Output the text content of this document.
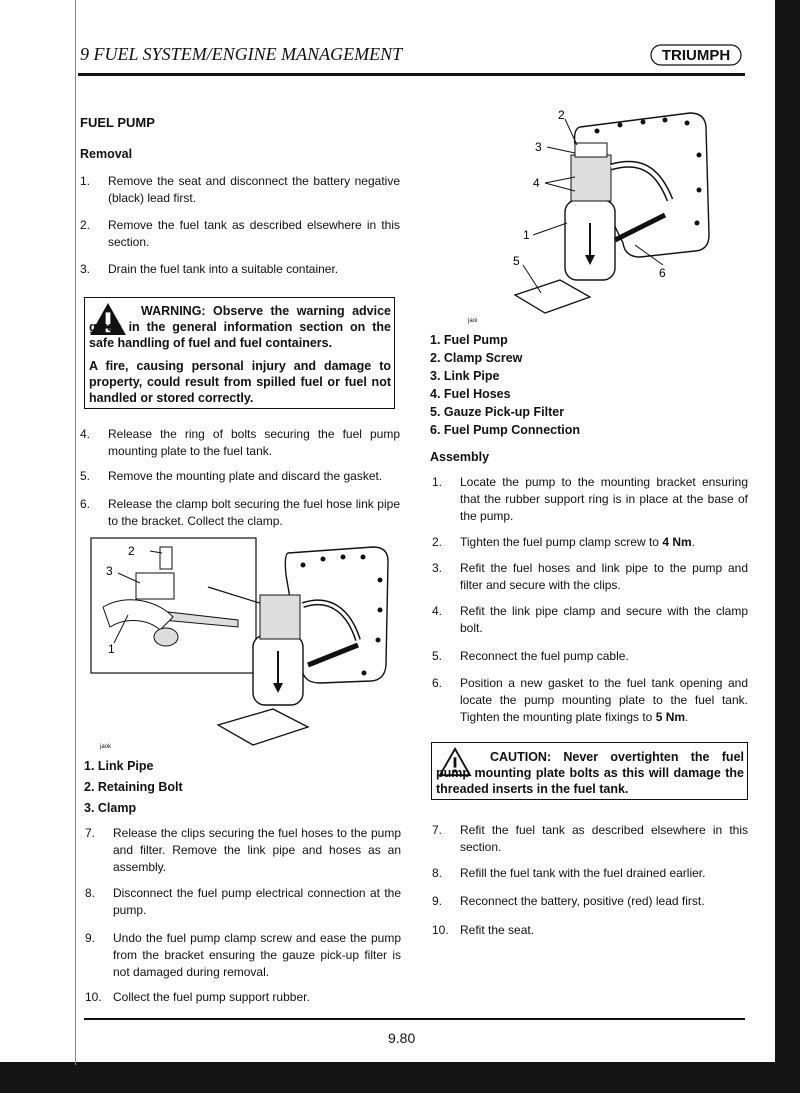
9 FUEL SYSTEM/ENGINE MANAGEMENT	TRIUMPH
FUEL PUMP
Removal
1. Remove the seat and disconnect the battery negative (black) lead first.
2. Remove the fuel tank as described elsewhere in this section.
3. Drain the fuel tank into a suitable container.
WARNING: Observe the warning advice given in the general information section on the safe handling of fuel and fuel containers.
A fire, causing personal injury and damage to property, could result from spilled fuel or fuel not handled or stored correctly.
4. Release the ring of bolts securing the fuel pump mounting plate to the fuel tank.
5. Remove the mounting plate and discard the gasket.
6. Release the clamp bolt securing the fuel hose link pipe to the bracket. Collect the clamp.
2
3
1
jaok
1. Link Pipe
2. Retaining Bolt
3. Clamp
7. Release the clips securing the fuel hoses to the pump and filter. Remove the link pipe and hoses as an assembly.
8. Disconnect the fuel pump electrical connection at the pump.
9. Undo the fuel pump clamp screw and ease the pump from the bracket ensuring the gauze pick-up filter is not damaged during removal.
10. Collect the fuel pump support rubber.
2
3
4
1
5
6
jaoi
1. Fuel Pump
2. Clamp Screw
3. Link Pipe
4. Fuel Hoses
5. Gauze Pick-up Filter
6. Fuel Pump Connection
Assembly
1. Locate the pump to the mounting bracket ensuring that the rubber support ring is in place at the base of the pump.
2. Tighten the fuel pump clamp screw to 4 Nm.
3. Refit the fuel hoses and link pipe to the pump and filter and secure with the clips.
4. Refit the link pipe clamp and secure with the clamp bolt.
5. Reconnect the fuel pump cable.
6. Position a new gasket to the fuel tank opening and locate the pump mounting plate to the fuel tank. Tighten the mounting plate fixings to 5 Nm.
CAUTION: Never overtighten the fuel pump mounting plate bolts as this will damage the threaded inserts in the fuel tank.
7. Refit the fuel tank as described elsewhere in this section.
8. Refill the fuel tank with the fuel drained earlier.
9. Reconnect the battery, positive (red) lead first.
10. Refit the seat.
9.80
